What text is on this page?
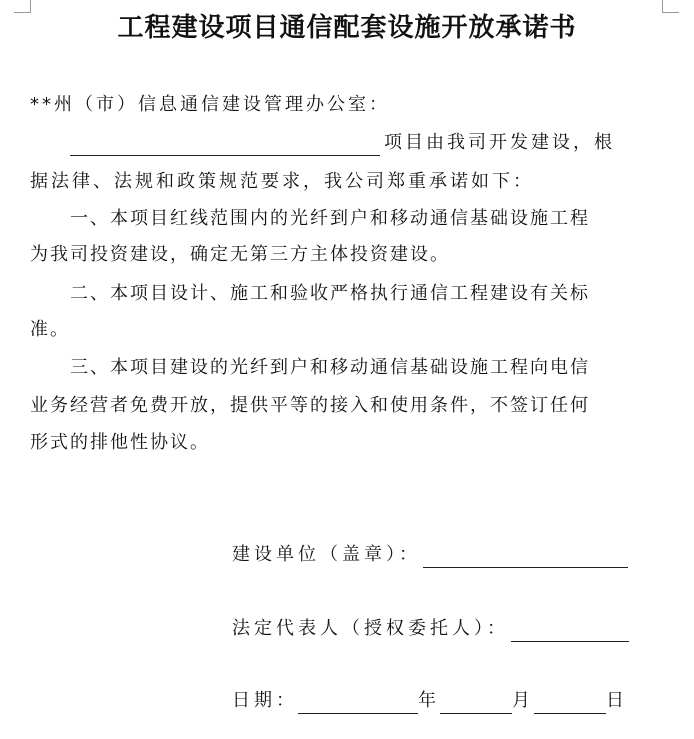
工程建设项目通信配套设施开放承诺书
**州（市）信息通信建设管理办公室：
项目由我司开发建设，根
据法律、法规和政策规范要求，我公司郑重承诺如下：
一、本项目红线范围内的光纤到户和移动通信基础设施工程
为我司投资建设，确定无第三方主体投资建设。
二、本项目设计、施工和验收严格执行通信工程建设有关标
准。
三、本项目建设的光纤到户和移动通信基础设施工程向电信
业务经营者免费开放，提供平等的接入和使用条件，不签订任何
形式的排他性协议。
建设单位（盖章）：
法定代表人（授权委托人）：
日期：	年	月	日
